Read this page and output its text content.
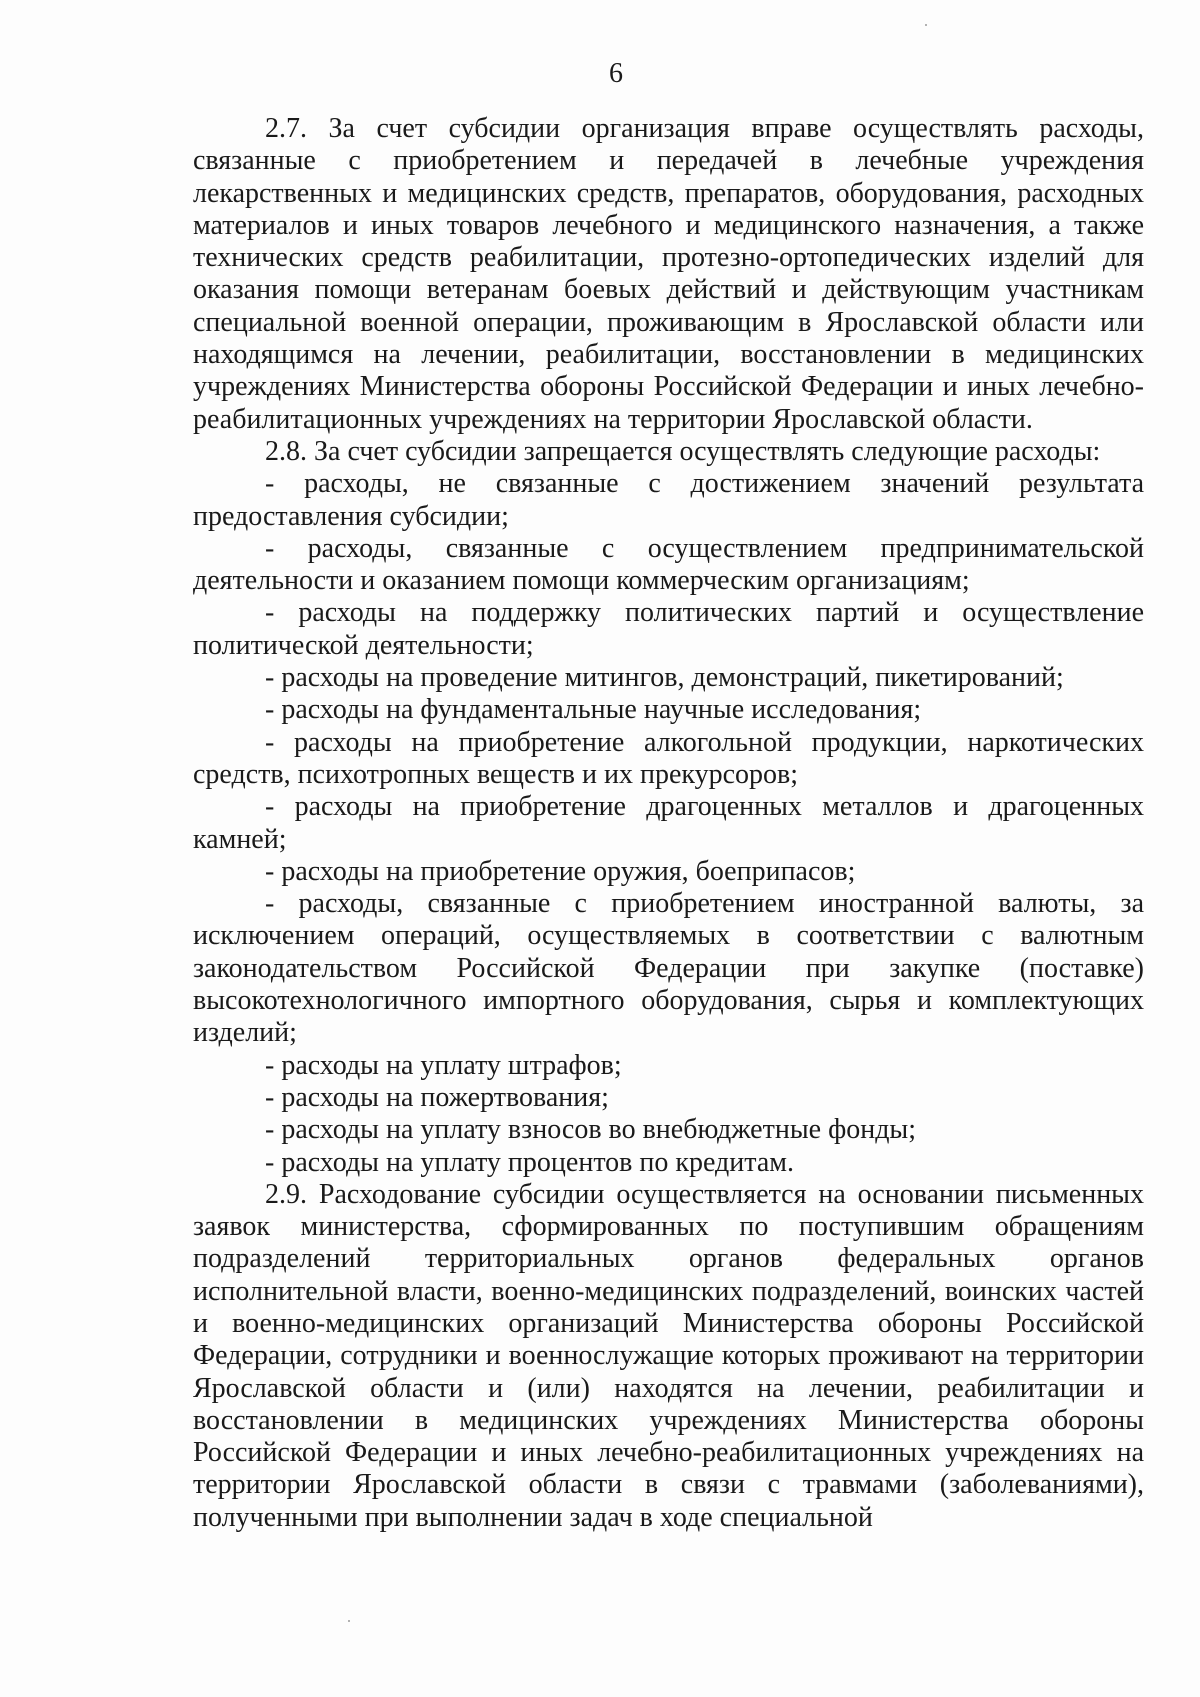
6

2.7. За счет субсидии организация вправе осуществлять расходы, связанные с приобретением и передачей в лечебные учреждения лекарственных и медицинских средств, препаратов, оборудования, расходных материалов и иных товаров лечебного и медицинского назначения, а также технических средств реабилитации, протезно-ортопедических изделий для оказания помощи ветеранам боевых действий и действующим участникам специальной военной операции, проживающим в Ярославской области или находящимся на лечении, реабилитации, восстановлении в медицинских учреждениях Министерства обороны Российской Федерации и иных лечебно-реабилитационных учреждениях на территории Ярославской области.

2.8. За счет субсидии запрещается осуществлять следующие расходы:

- расходы, не связанные с достижением значений результата предоставления субсидии;

- расходы, связанные с осуществлением предпринимательской деятельности и оказанием помощи коммерческим организациям;

- расходы на поддержку политических партий и осуществление политической деятельности;

- расходы на проведение митингов, демонстраций, пикетирований;

- расходы на фундаментальные научные исследования;

- расходы на приобретение алкогольной продукции, наркотических средств, психотропных веществ и их прекурсоров;

- расходы на приобретение драгоценных металлов и драгоценных камней;

- расходы на приобретение оружия, боеприпасов;

- расходы, связанные с приобретением иностранной валюты, за исключением операций, осуществляемых в соответствии с валютным законодательством Российской Федерации при закупке (поставке) высокотехнологичного импортного оборудования, сырья и комплектующих изделий;

- расходы на уплату штрафов;

- расходы на пожертвования;

- расходы на уплату взносов во внебюджетные фонды;

- расходы на уплату процентов по кредитам.

2.9. Расходование субсидии осуществляется на основании письменных заявок министерства, сформированных по поступившим обращениям подразделений территориальных органов федеральных органов исполнительной власти, военно-медицинских подразделений, воинских частей и военно-медицинских организаций Министерства обороны Российской Федерации, сотрудники и военнослужащие которых проживают на территории Ярославской области и (или) находятся на лечении, реабилитации и восстановлении в медицинских учреждениях Министерства обороны Российской Федерации и иных лечебно-реабилитационных учреждениях на территории Ярославской области в связи с травмами (заболеваниями), полученными при выполнении задач в ходе специальной
